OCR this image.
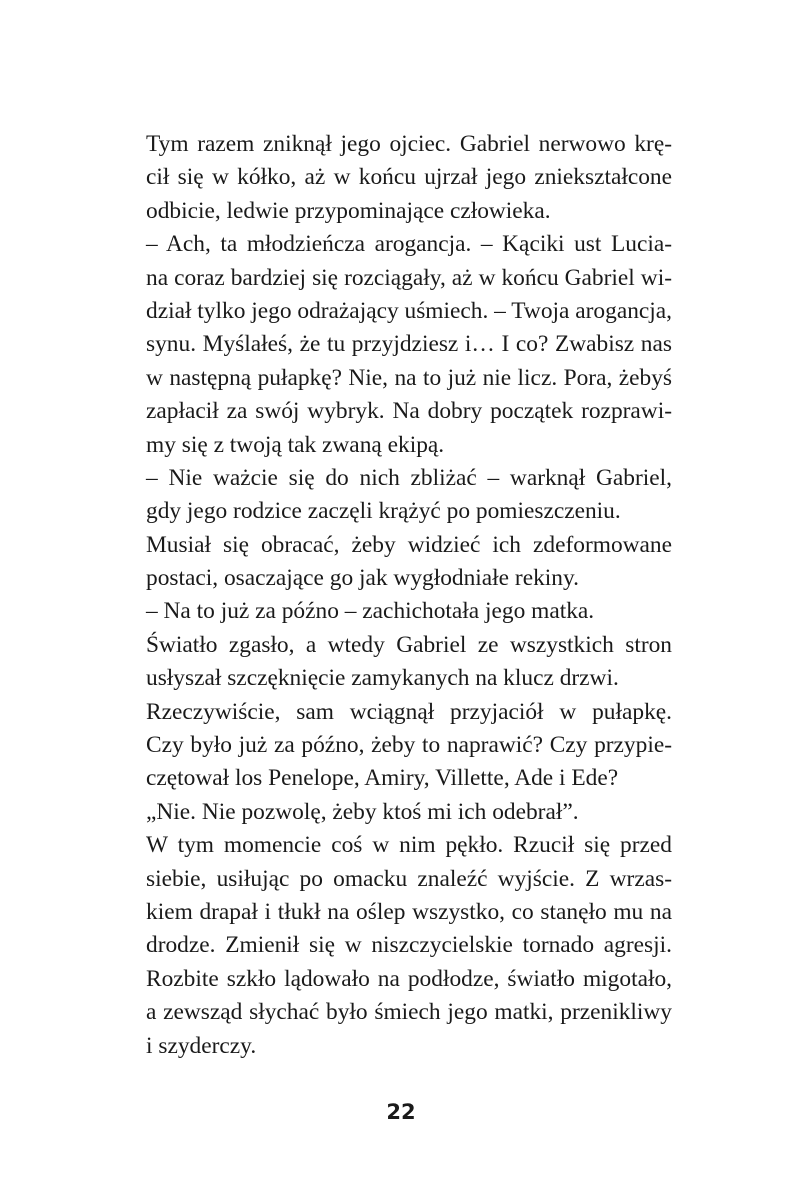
Tym razem zniknął jego ojciec. Gabriel nerwowo krę-
cił się w kółko, aż w końcu ujrzał jego zniekształcone
odbicie, ledwie przypominające człowieka.
– Ach, ta młodzieńcza arogancja. – Kąciki ust Lucia-
na coraz bardziej się rozciągały, aż w końcu Gabriel wi-
dział tylko jego odrażający uśmiech. – Twoja arogancja,
synu. Myślałeś, że tu przyjdziesz i… I co? Zwabisz nas
w następną pułapkę? Nie, na to już nie licz. Pora, żebyś
zapłacił za swój wybryk. Na dobry początek rozprawi-
my się z twoją tak zwaną ekipą.
– Nie ważcie się do nich zbliżać – warknął Gabriel,
gdy jego rodzice zaczęli krążyć po pomieszczeniu.
Musiał się obracać, żeby widzieć ich zdeformowane
postaci, osaczające go jak wygłodniałe rekiny.
– Na to już za późno – zachichotała jego matka.
Światło zgasło, a wtedy Gabriel ze wszystkich stron
usłyszał szczęknięcie zamykanych na klucz drzwi.
Rzeczywiście, sam wciągnął przyjaciół w pułapkę.
Czy było już za późno, żeby to naprawić? Czy przypie-
czętował los Penelope, Amiry, Villette, Ade i Ede?
„Nie. Nie pozwolę, żeby ktoś mi ich odebrał”.
W tym momencie coś w nim pękło. Rzucił się przed
siebie, usiłując po omacku znaleźć wyjście. Z wrzas-
kiem drapał i tłukł na oślep wszystko, co stanęło mu na
drodze. Zmienił się w niszczycielskie tornado agresji.
Rozbite szkło lądowało na podłodze, światło migotało,
a zewsząd słychać było śmiech jego matki, przenikliwy
i szyderczy.
22
